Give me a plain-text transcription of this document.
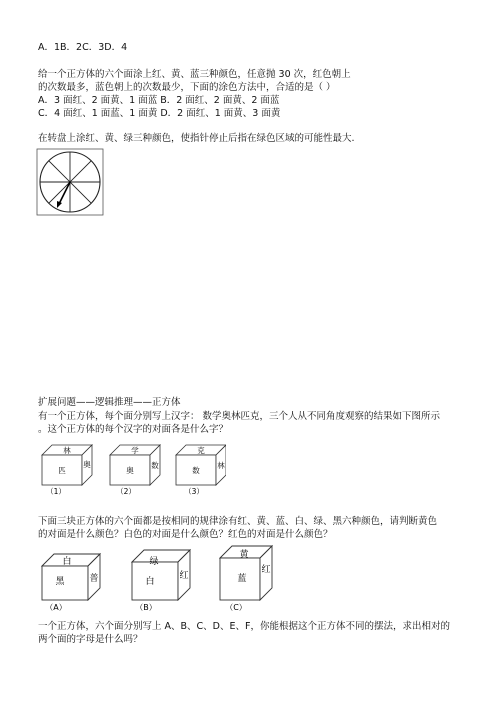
A．1B．2C．3D．4
给一个正方体的六个面涂上红、黄、蓝三种颜色，任意抛 30 次，红色朝上
的次数最多，蓝色朝上的次数最少，下面的涂色方法中，合适的是（ ）
A．3 面红、2 面黄、1 面蓝 B．2 面红、2 面黄、2 面蓝
C．4 面红、1 面蓝、1 面黄 D．2 面红、1 面黄、3 面黄
在转盘上涂红、黄、绿三种颜色，使指针停止后指在绿色区域的可能性最大.
扩展问题——逻辑推理——正方体
有一个正方体，每个面分别写上汉字： 数学奥林匹克，三个人从不同角度观察的结果如下图所示
。这个正方体的每个汉字的对面各是什么字？
林
匹
奥
（1）
学
奥
数
（2）
克
数
林
（3）
下面三块正方体的六个面都是按相同的规律涂有红、黄、蓝、白、绿、黑六种颜色，请判断黄色
的对面是什么颜色？白色的对面是什么颜色？红色的对面是什么颜色？
白
黑	普
（A）
绿
白
红
（B）
黄
蓝
红
（C）
一个正方体，六个面分别写上 A、B、C、D、E、F，你能根据这个正方体不同的摆法，求出相对的
两个面的字母是什么吗？
